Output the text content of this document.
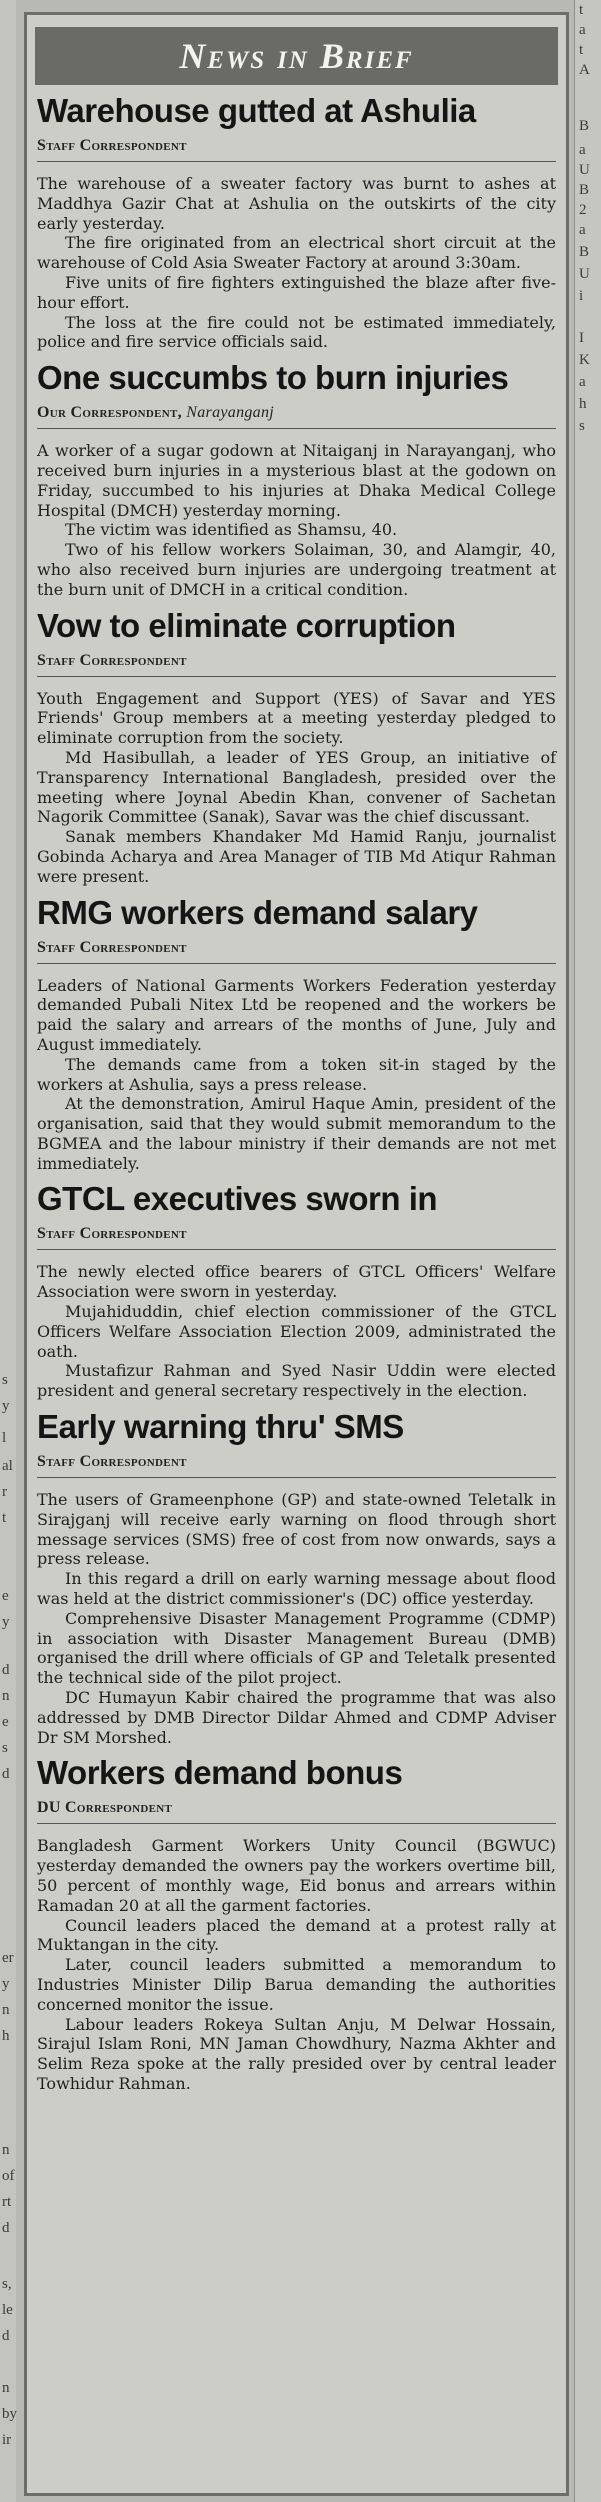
s
y
l
al
r
t
e
y
d
n
e
s
d
er
y
n
h
n
of
rt
d
s,
le
d
n
by
ir
t
a
t
A
B
a
U
B
2
a
B
U
i
I
K
a
h
s
News in Brief
Warehouse gutted at Ashulia
Staff Correspondent

The warehouse of a sweater factory was burnt to ashes at Maddhya Gazir Chat at Ashulia on the outskirts of the city early yesterday.

The fire originated from an electrical short circuit at the warehouse of Cold Asia Sweater Factory at around 3:30am.

Five units of fire fighters extinguished the blaze after five-hour effort.

The loss at the fire could not be estimated immediately, police and fire service officials said.

One succumbs to burn injuries
Our Correspondent, Narayanganj

A worker of a sugar godown at Nitaiganj in Narayanganj, who received burn injuries in a mysterious blast at the godown on Friday, succumbed to his injuries at Dhaka Medical College Hospital (DMCH) yesterday morning.

The victim was identified as Shamsu, 40.

Two of his fellow workers Solaiman, 30, and Alamgir, 40, who also received burn injuries are undergoing treatment at the burn unit of DMCH in a critical condition.

Vow to eliminate corruption
Staff Correspondent

Youth Engagement and Support (YES) of Savar and YES Friends' Group members at a meeting yesterday pledged to eliminate corruption from the society.

Md Hasibullah, a leader of YES Group, an initiative of Transparency International Bangladesh, presided over the meeting where Joynal Abedin Khan, convener of Sachetan Nagorik Committee (Sanak), Savar was the chief discussant.

Sanak members Khandaker Md Hamid Ranju, journalist Gobinda Acharya and Area Manager of TIB Md Atiqur Rahman were present.

RMG workers demand salary
Staff Correspondent

Leaders of National Garments Workers Federation yesterday demanded Pubali Nitex Ltd be reopened and the workers be paid the salary and arrears of the months of June, July and August immediately.

The demands came from a token sit-in staged by the workers at Ashulia, says a press release.

At the demonstration, Amirul Haque Amin, president of the organisation, said that they would submit memorandum to the BGMEA and the labour ministry if their demands are not met immediately.

GTCL executives sworn in
Staff Correspondent

The newly elected office bearers of GTCL Officers' Welfare Association were sworn in yesterday.

Mujahiduddin, chief election commissioner of the GTCL Officers Welfare Association Election 2009, administrated the oath.

Mustafizur Rahman and Syed Nasir Uddin were elected president and general secretary respectively in the election.

Early warning thru' SMS
Staff Correspondent

The users of Grameenphone (GP) and state-owned Teletalk in Sirajganj will receive early warning on flood through short message services (SMS) free of cost from now onwards, says a press release.

In this regard a drill on early warning message about flood was held at the district commissioner's (DC) office yesterday.

Comprehensive Disaster Management Programme (CDMP) in association with Disaster Management Bureau (DMB) organised the drill where officials of GP and Teletalk presented the technical side of the pilot project.

DC Humayun Kabir chaired the programme that was also addressed by DMB Director Dildar Ahmed and CDMP Adviser Dr SM Morshed.

Workers demand bonus
DU Correspondent

Bangladesh Garment Workers Unity Council (BGWUC) yesterday demanded the owners pay the workers overtime bill, 50 percent of monthly wage, Eid bonus and arrears within Ramadan 20 at all the garment factories.

Council leaders placed the demand at a protest rally at Muktangan in the city.

Later, council leaders submitted a memorandum to Industries Minister Dilip Barua demanding the authorities concerned monitor the issue.

Labour leaders Rokeya Sultan Anju, M Delwar Hossain, Sirajul Islam Roni, MN Jaman Chowdhury, Nazma Akhter and Selim Reza spoke at the rally presided over by central leader Towhidur Rahman.
